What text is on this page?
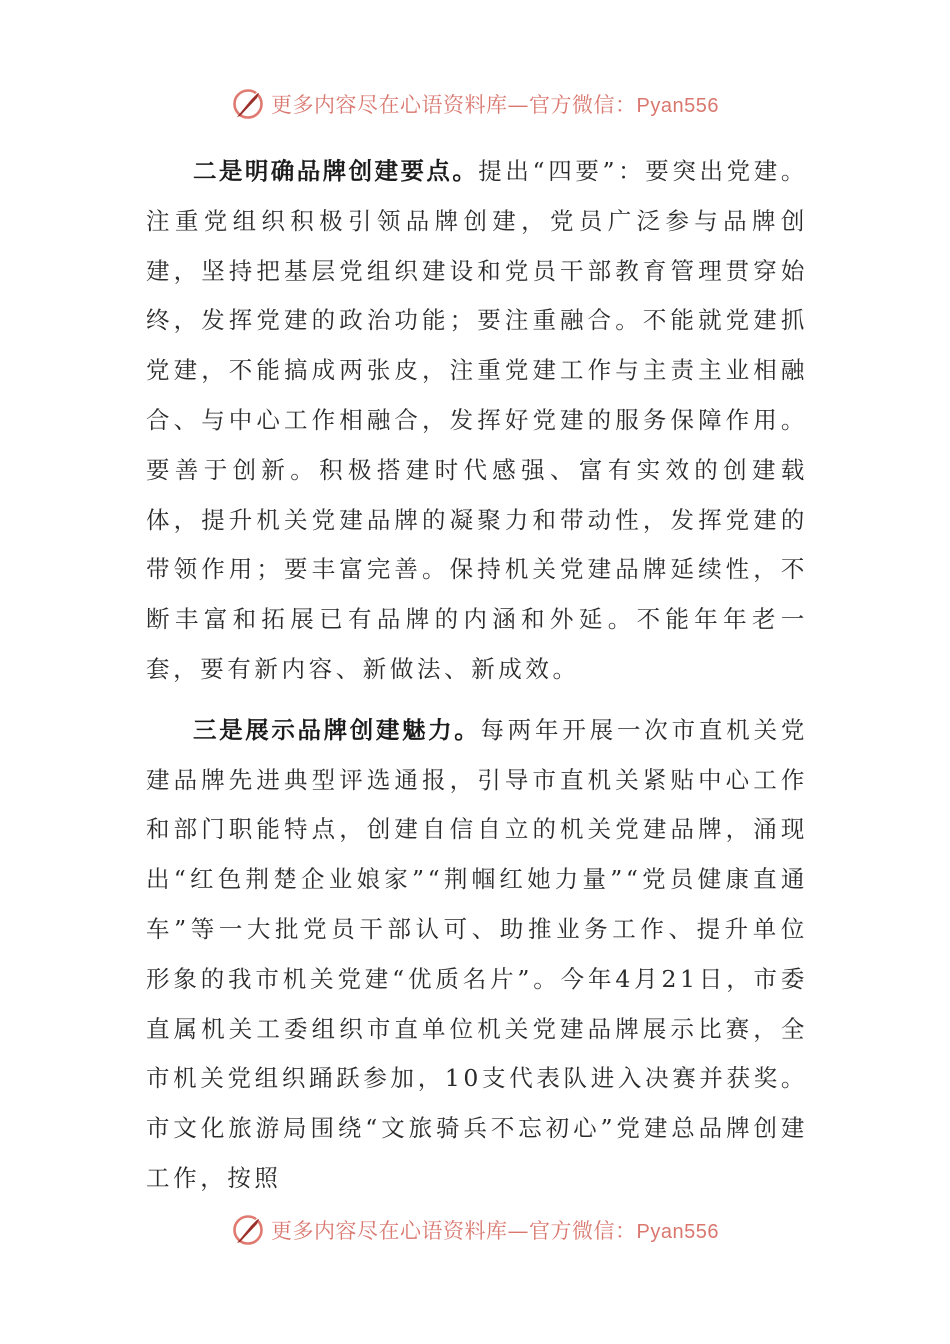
更多内容尽在心语资料库—官方微信：Pyan556

二是明确品牌创建要点。提出“四要”：要突出党建。注重党组织积极引领品牌创建，党员广泛参与品牌创建，坚持把基层党组织建设和党员干部教育管理贯穿始终，发挥党建的政治功能；要注重融合。不能就党建抓党建，不能搞成两张皮，注重党建工作与主责主业相融合、与中心工作相融合，发挥好党建的服务保障作用。要善于创新。积极搭建时代感强、富有实效的创建载体，提升机关党建品牌的凝聚力和带动性，发挥党建的带领作用；要丰富完善。保持机关党建品牌延续性，不断丰富和拓展已有品牌的内涵和外延。不能年年老一套，要有新内容、新做法、新成效。

三是展示品牌创建魅力。每两年开展一次市直机关党建品牌先进典型评选通报，引导市直机关紧贴中心工作和部门职能特点，创建自信自立的机关党建品牌，涌现出“红色荆楚企业娘家”“荆帼红她力量”“党员健康直通车”等一大批党员干部认可、助推业务工作、提升单位形象的我市机关党建“优质名片”。今年4月21日，市委直属机关工委组织市直单位机关党建品牌展示比赛，全市机关党组织踊跃参加，10支代表队进入决赛并获奖。市文化旅游局围绕“文旅骑兵不忘初心”党建总品牌创建工作，按照

更多内容尽在心语资料库—官方微信：Pyan556
